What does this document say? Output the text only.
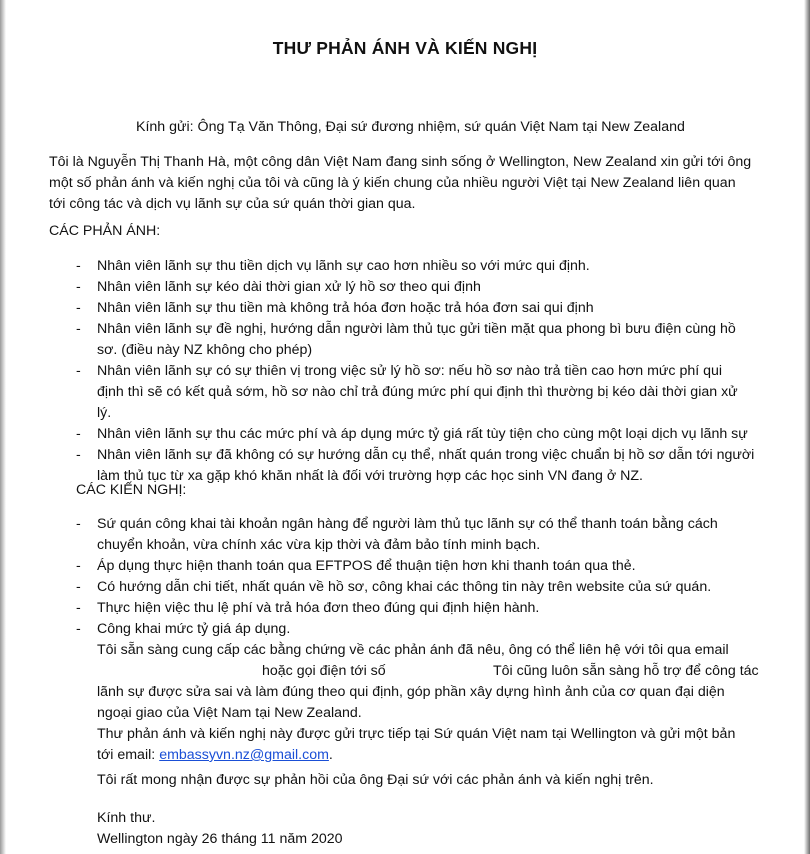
THƯ PHẢN ÁNH VÀ KIẾN NGHỊ

Kính gửi: Ông Tạ Văn Thông, Đại sứ đương nhiệm, sứ quán Việt Nam tại New Zealand

Tôi là Nguyễn Thị Thanh Hà, một công dân Việt Nam đang sinh sống ở Wellington, New Zealand xin gửi tới ông

một số phản ánh và kiến nghị của tôi và cũng là ý kiến chung của nhiều người Việt tại New Zealand liên quan

tới công tác và dịch vụ lãnh sự của sứ quán thời gian qua.

CÁC PHẢN ÁNH:

- Nhân viên lãnh sự thu tiền dịch vụ lãnh sự cao hơn nhiều so với mức qui định.

- Nhân viên lãnh sự kéo dài thời gian xử lý hồ sơ theo qui định

- Nhân viên lãnh sự thu tiền mà không trả hóa đơn hoặc trả hóa đơn sai qui định

- Nhân viên lãnh sự đề nghị, hướng dẫn người làm thủ tục gửi tiền mặt qua phong bì bưu điện cùng hồ

sơ. (điều này NZ không cho phép)

- Nhân viên lãnh sự có sự thiên vị trong việc sử lý hồ sơ: nếu hồ sơ nào trả tiền cao hơn mức phí qui

định thì sẽ có kết quả sớm, hồ sơ nào chỉ trả đúng mức phí qui định thì thường bị kéo dài thời gian xử

lý.

- Nhân viên lãnh sự thu các mức phí và áp dụng mức tỷ giá rất tùy tiện cho cùng một loại dịch vụ lãnh sự

- Nhân viên lãnh sự đã không có sự hướng dẫn cụ thể, nhất quán trong việc chuẩn bị hồ sơ dẫn tới người

làm thủ tục từ xa gặp khó khăn nhất là đối với trường hợp các học sinh VN đang ở NZ.

CÁC KIẾN NGHỊ:

- Sứ quán công khai tài khoản ngân hàng để người làm thủ tục lãnh sự có thể thanh toán bằng cách

chuyển khoản, vừa chính xác vừa kịp thời và đảm bảo tính minh bạch.

- Áp dụng thực hiện thanh toán qua EFTPOS để thuận tiện hơn khi thanh toán qua thẻ.

- Có hướng dẫn chi tiết, nhất quán về hồ sơ, công khai các thông tin này trên website của sứ quán.

- Thực hiện việc thu lệ phí và trả hóa đơn theo đúng qui định hiện hành.

- Công khai mức tỷ giá áp dụng.

Tôi sẵn sàng cung cấp các bằng chứng về các phản ánh đã nêu, ông có thể liên hệ với tôi qua email

hoặc gọi điện tới số	Tôi cũng luôn sẵn sàng hỗ trợ để công tác

lãnh sự được sửa sai và làm đúng theo qui định, góp phần xây dựng hình ảnh của cơ quan đại diện

ngoại giao của Việt Nam tại New Zealand.

Thư phản ánh và kiến nghị này được gửi trực tiếp tại Sứ quán Việt nam tại Wellington và gửi một bản

tới email: embassyvn.nz@gmail.com.

Tôi rất mong nhận được sự phản hồi của ông Đại sứ với các phản ánh và kiến nghị trên.

Kính thư.

Wellington ngày 26 tháng 11 năm 2020
